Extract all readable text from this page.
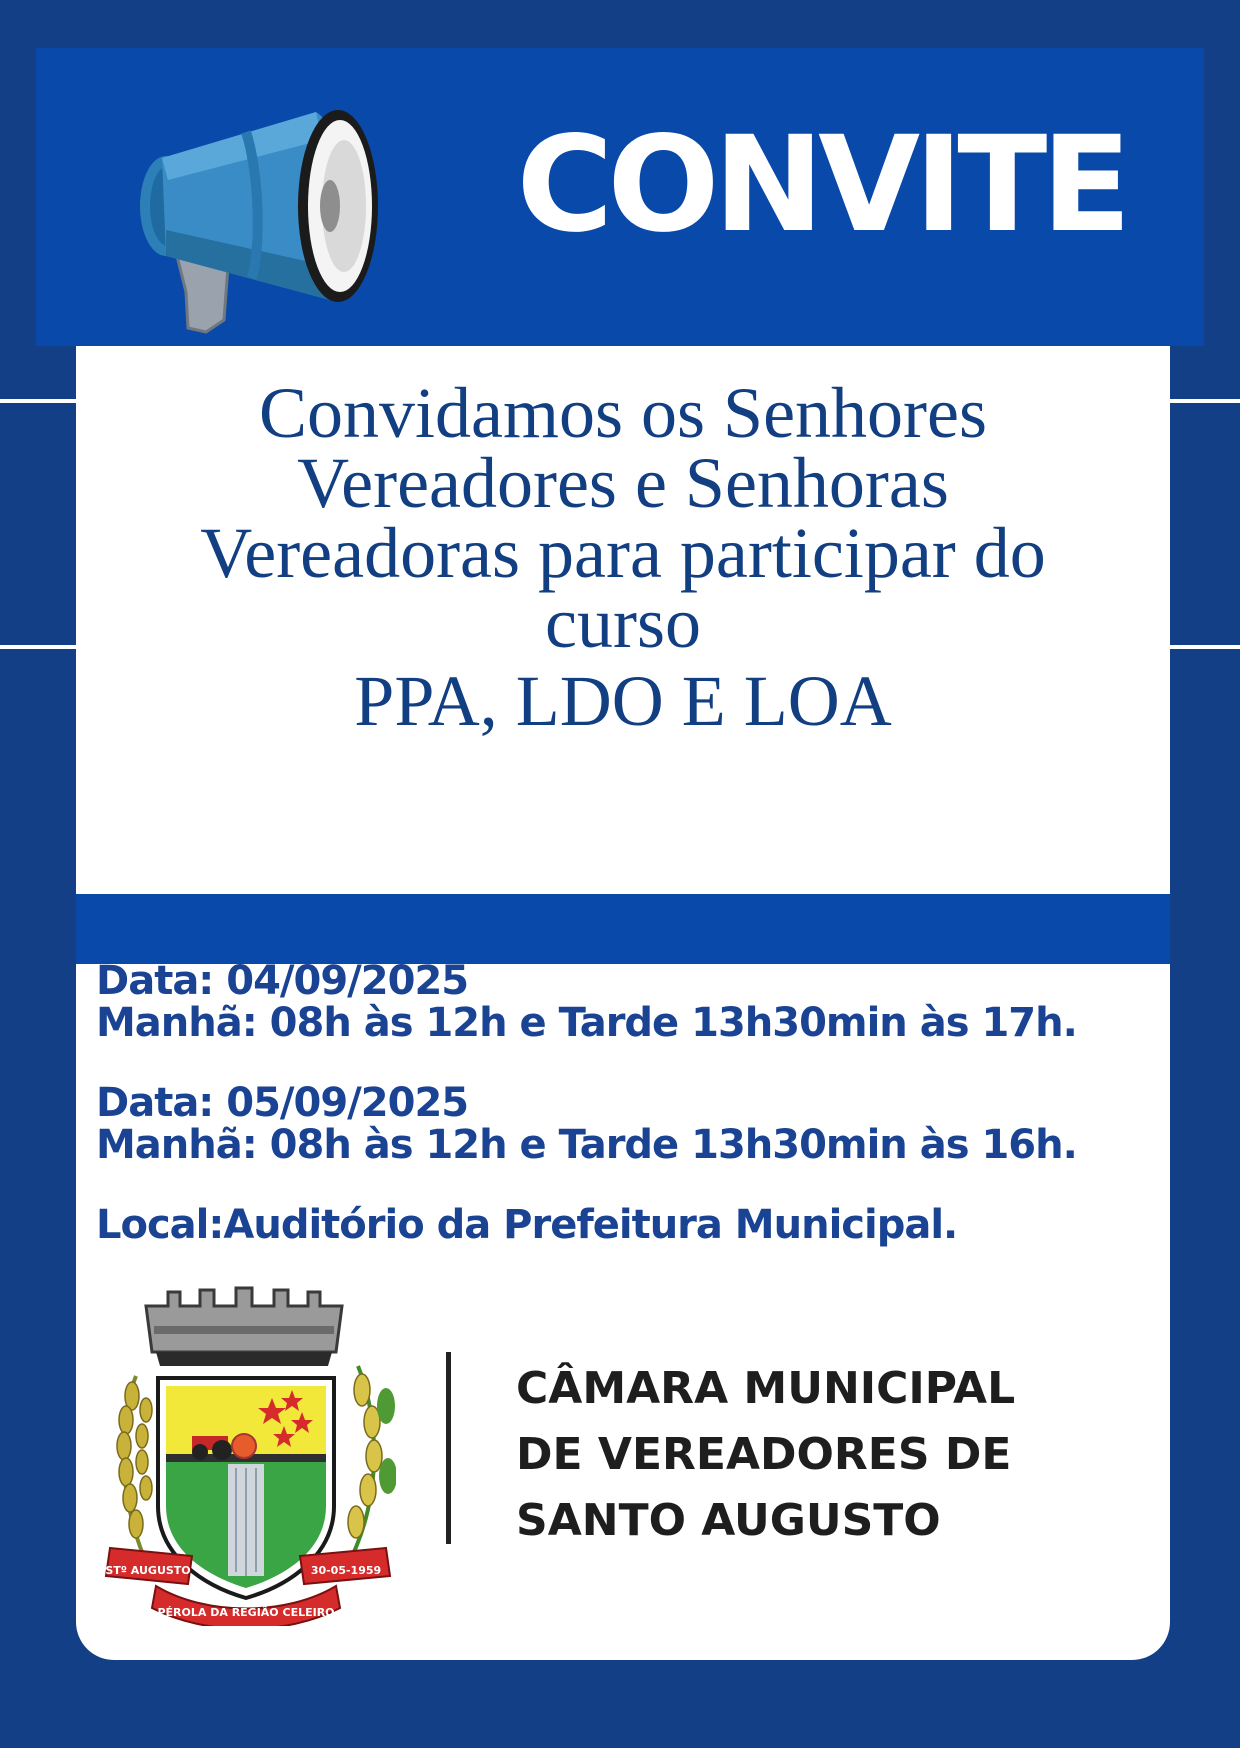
CONVITE

Convidamos os Senhores
Vereadores e Senhoras
Vereadoras para participar do
curso
PPA, LDO E LOA

Data: 04/09/2025
Manhã: 08h às 12h e Tarde 13h30min às 17h.
Data: 05/09/2025
Manhã: 08h às 12h e Tarde 13h30min às 16h.
Local:Auditório da Prefeitura Municipal.
STº AUGUSTO	30-05-1959
PÉROLA DA REGIÃO CELEIRO
CÂMARA MUNICIPAL
DE VEREADORES DE
SANTO AUGUSTO
